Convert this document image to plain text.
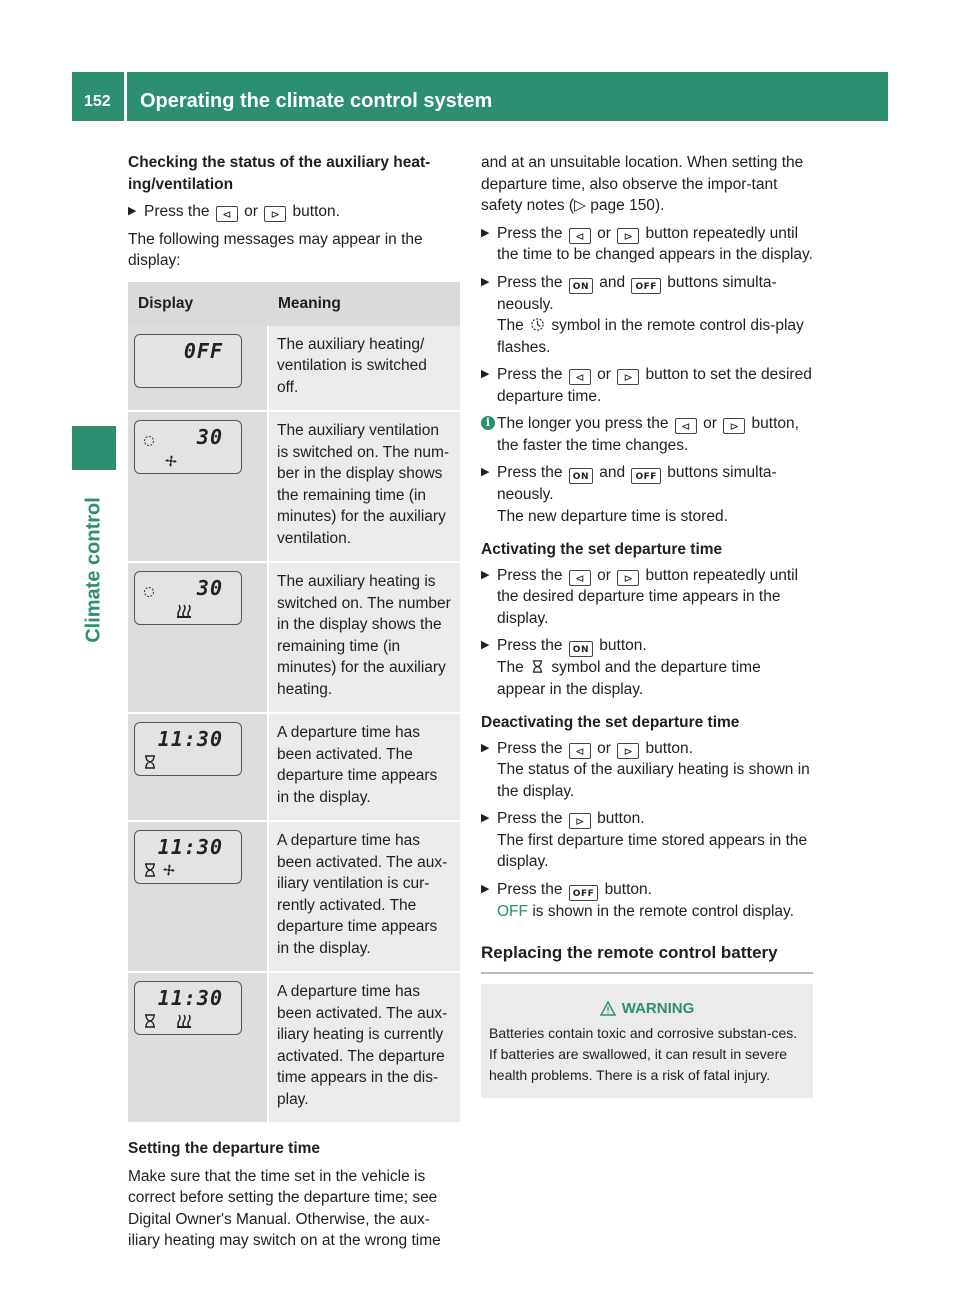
152	Operating the climate control system
Climate control

Checking the status of the auxiliary heat-ing/ventilation

▶ Press the ⊲ or ⊳ button.

The following messages may appear in the display:

Display	Meaning

0FF	The auxiliary heating/ ventilation is switched off.

30	The auxiliary ventilation is switched on. The num-ber in the display shows the remaining time (in minutes) for the auxiliary ventilation.

30	The auxiliary heating is switched on. The number in the display shows the remaining time (in minutes) for the auxiliary heating.

11:30	A departure time has been activated. The departure time appears in the display.

11:30	A departure time has been activated. The aux-iliary ventilation is cur-rently activated. The departure time appears in the display.

11:30	A departure time has been activated. The aux-iliary heating is currently activated. The departure time appears in the dis-play.

Setting the departure time

Make sure that the time set in the vehicle is correct before setting the departure time; see Digital Owner's Manual. Otherwise, the aux-iliary heating may switch on at the wrong time

and at an unsuitable location. When setting the departure time, also observe the impor-tant safety notes (▷ page 150).

▶ Press the ⊲ or ⊳ button repeatedly until the time to be changed appears in the display.
▶ Press the ON and OFF buttons simulta-neously.
The symbol in the remote control dis-play flashes.
▶ Press the ⊲ or ⊳ button to set the desired departure time.
i The longer you press the ⊲ or ⊳ button, the faster the time changes.
▶ Press the ON and OFF buttons simulta-neously.
The new departure time is stored.

Activating the set departure time

▶ Press the ⊲ or ⊳ button repeatedly until the desired departure time appears in the display.
▶ Press the ON button.
The symbol and the departure time appear in the display.

Deactivating the set departure time

▶ Press the ⊲ or ⊳ button.
The status of the auxiliary heating is shown in the display.
▶ Press the ⊳ button.
The first departure time stored appears in the display.
▶ Press the OFF button.
OFF is shown in the remote control display.
Replacing the remote control battery
WARNING
Batteries contain toxic and corrosive substan-ces. If batteries are swallowed, it can result in severe health problems. There is a risk of fatal injury.
